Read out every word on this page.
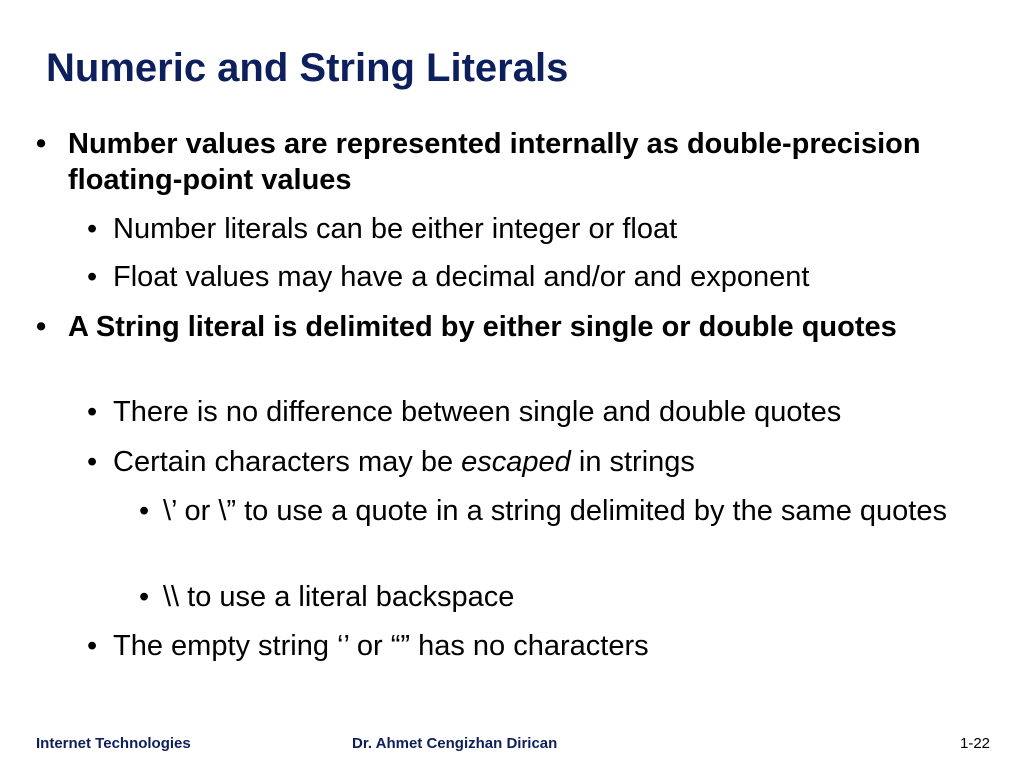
Numeric and String Literals
• Number values are represented internally as double-precision floating-point values
• Number literals can be either integer or float
• Float values may have a decimal and/or and exponent
• A String literal is delimited by either single or double quotes
• There is no difference between single and double quotes
• Certain characters may be escaped in strings
• \’ or \” to use a quote in a string delimited by the same quotes
• \\ to use a literal backspace
• The empty string ‘’ or “” has no characters
Internet Technologies	Dr. Ahmet Cengizhan Dirican	1-22
